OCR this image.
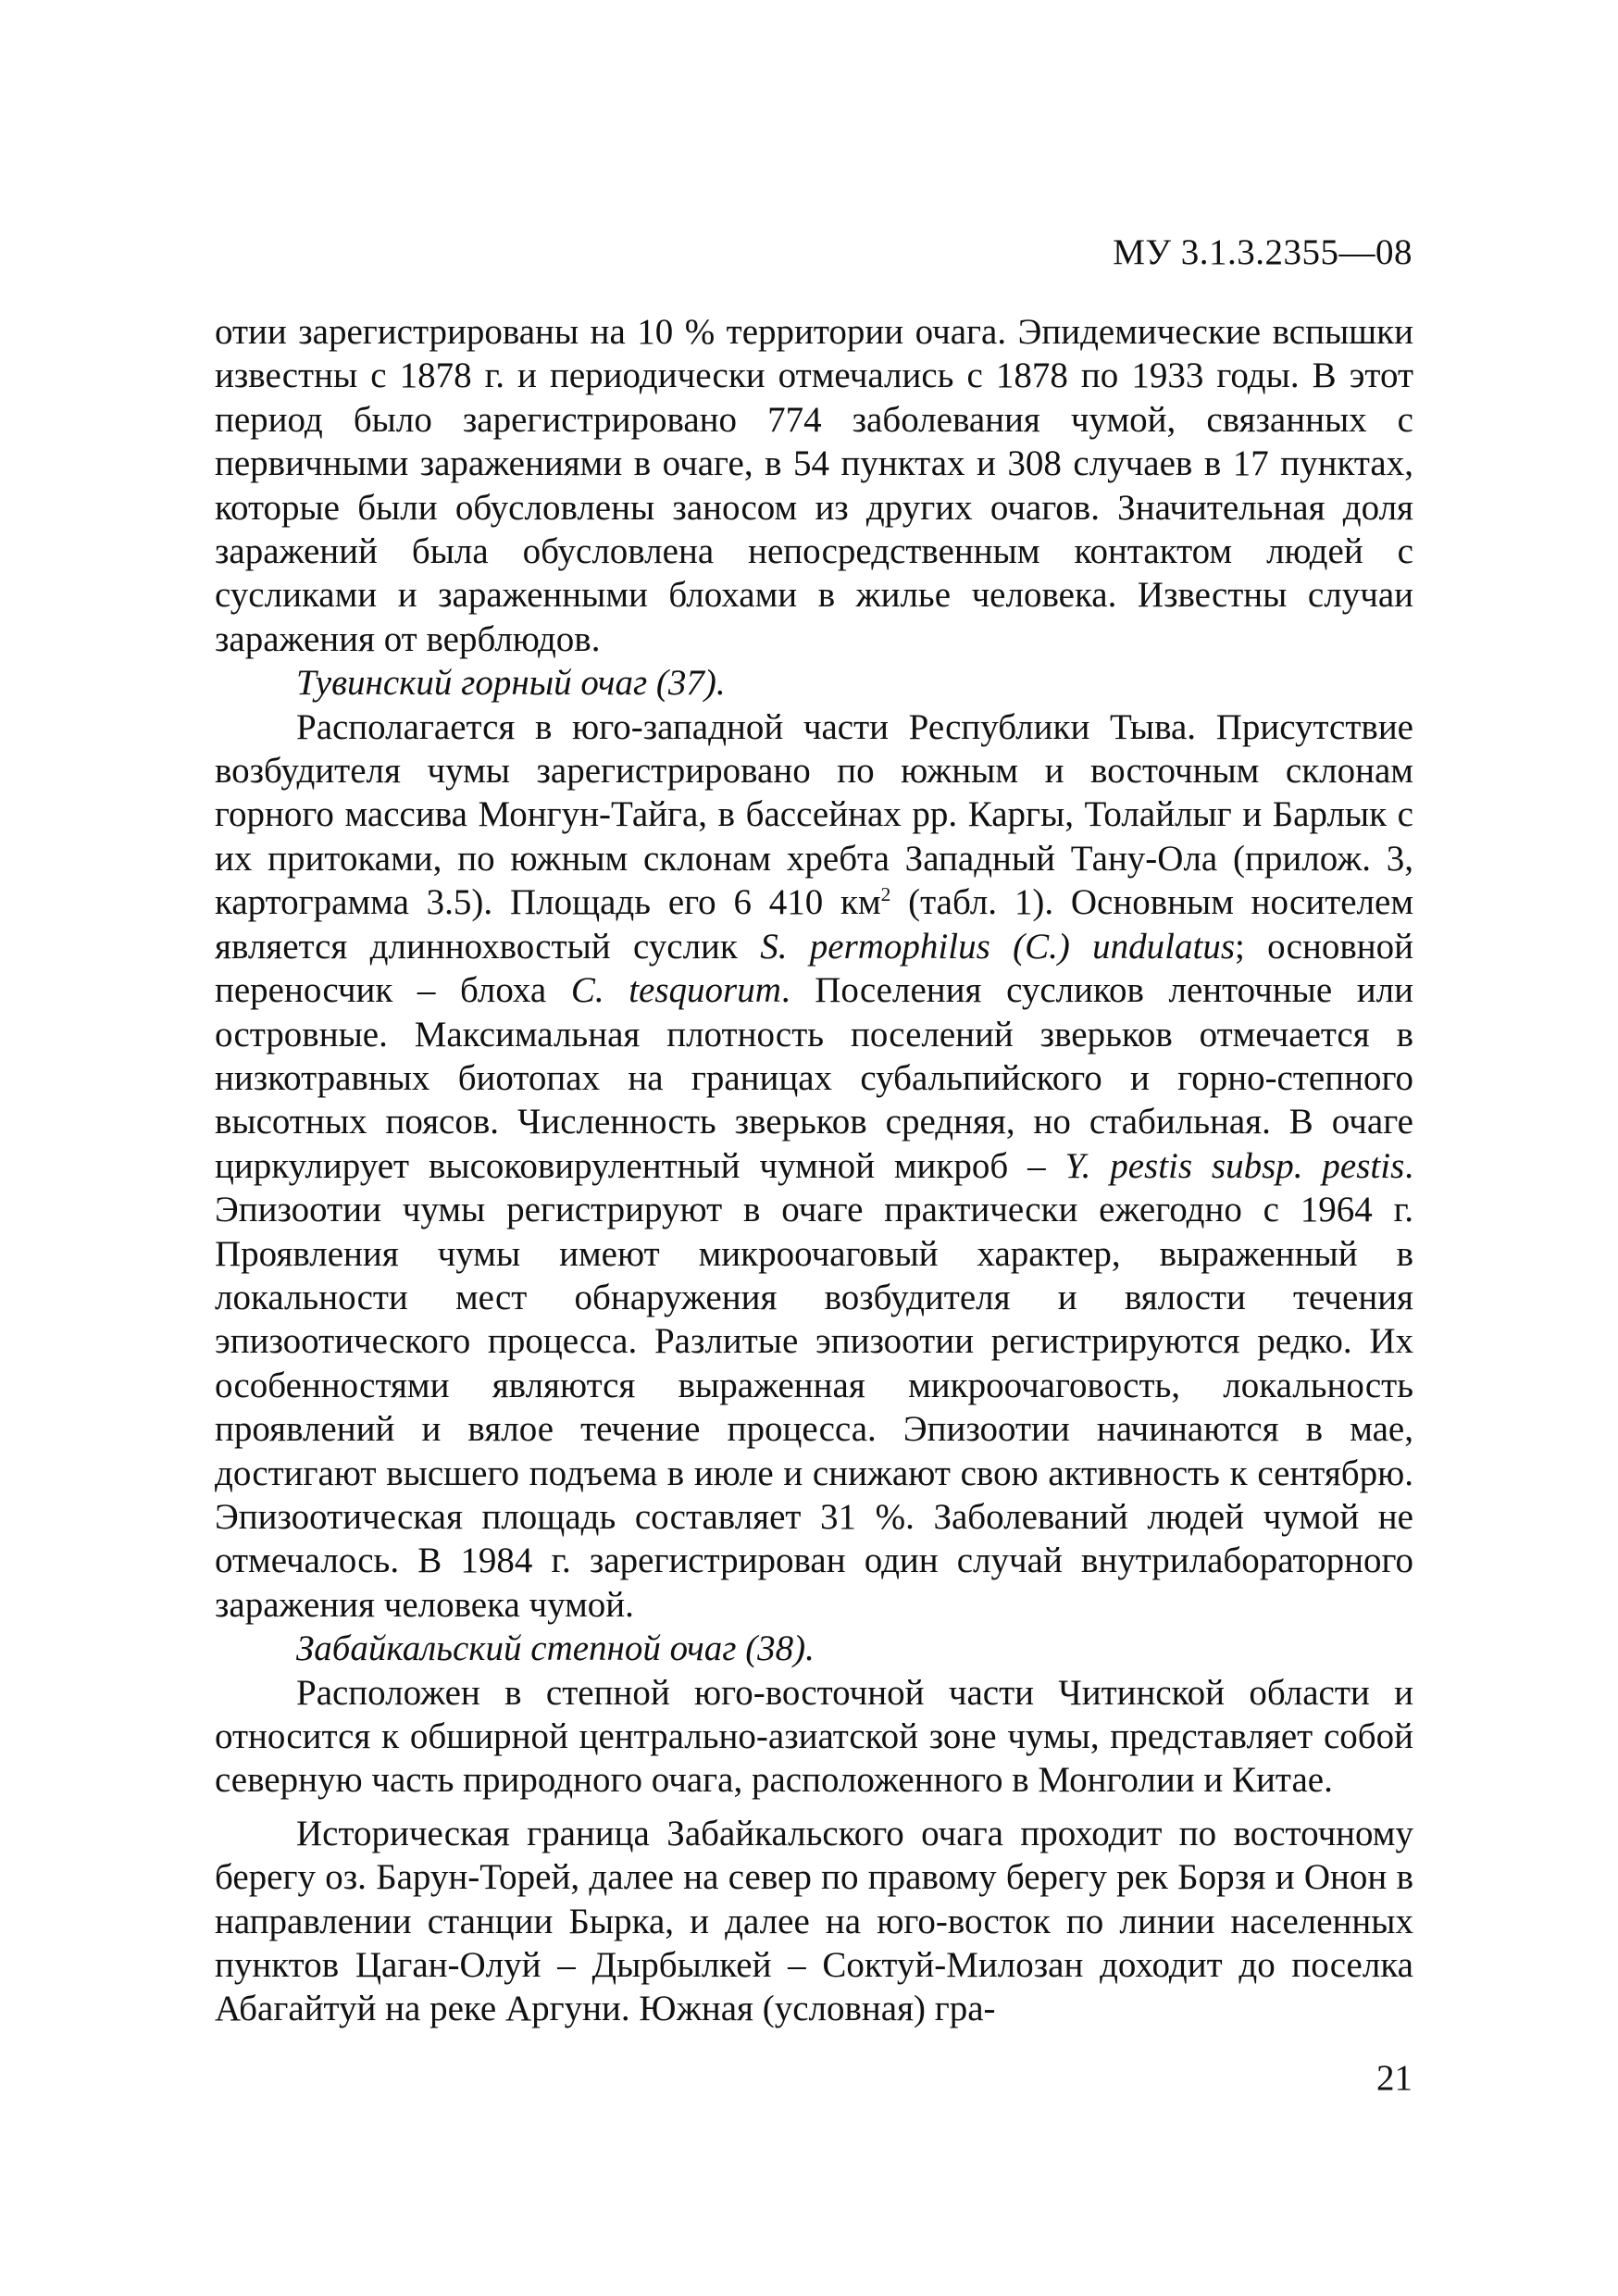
МУ 3.1.3.2355—08

отии зарегистрированы на 10 % территории очага. Эпидемические вспышки известны с 1878 г. и периодически отмечались с 1878 по 1933 годы. В этот период было зарегистрировано 774 заболевания чумой, связанных с первичными заражениями в очаге, в 54 пунктах и 308 случаев в 17 пунктах, которые были обусловлены заносом из других очагов. Значительная доля заражений была обусловлена непосредственным контактом людей с сусликами и зараженными блохами в жилье человека. Известны случаи заражения от верблюдов.

Тувинский горный очаг (37).

Располагается в юго-западной части Республики Тыва. Присутствие возбудителя чумы зарегистрировано по южным и восточным склонам горного массива Монгун-Тайга, в бассейнах рр. Каргы, Толайлыг и Барлык с их притоками, по южным склонам хребта Западный Тану-Ола (прилож. 3, картограмма 3.5). Площадь его 6 410 $км^2$ (табл. 1). Основным носителем является длиннохвостый суслик S. permophilus (C.) undulatus; основной переносчик – блоха C. tesquorum. Поселения сусликов ленточные или островные. Максимальная плотность поселений зверьков отмечается в низкотравных биотопах на границах субальпийского и горно-степного высотных поясов. Численность зверьков средняя, но стабильная. В очаге циркулирует высоковирулентный чумной микроб – Y. pestis subsp. pestis. Эпизоотии чумы регистрируют в очаге практически ежегодно с 1964 г. Проявления чумы имеют микроочаговый характер, выраженный в локальности мест обнаружения возбудителя и вялости течения эпизоотического процесса. Разлитые эпизоотии регистрируются редко. Их особенностями являются выраженная микроочаговость, локальность проявлений и вялое течение процесса. Эпизоотии начинаются в мае, достигают высшего подъема в июле и снижают свою активность к сентябрю. Эпизоотическая площадь составляет 31 %. Заболеваний людей чумой не отмечалось. В 1984 г. зарегистрирован один случай внутрилабораторного заражения человека чумой.

Забайкальский степной очаг (38).

Расположен в степной юго-восточной части Читинской области и относится к обширной центрально-азиатской зоне чумы, представляет собой северную часть природного очага, расположенного в Монголии и Китае.

Историческая граница Забайкальского очага проходит по восточному берегу оз. Барун-Торей, далее на север по правому берегу рек Борзя и Онон в направлении станции Бырка, и далее на юго-восток по линии населенных пунктов Цаган-Олуй – Дырбылкей – Соктуй-Милозан доходит до поселка Абагайтуй на реке Аргуни. Южная (условная) гра-

21
